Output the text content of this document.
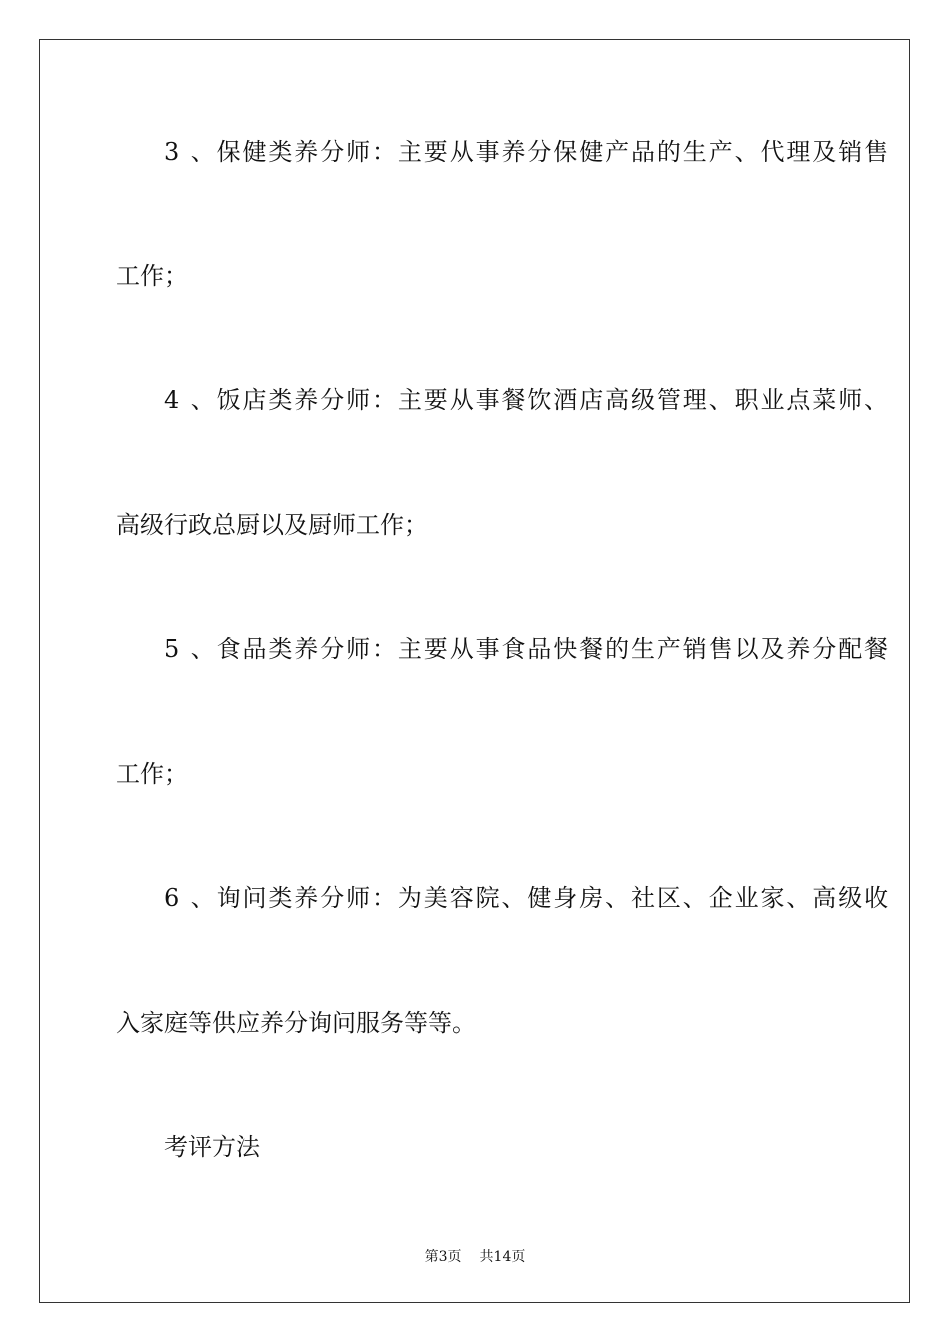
3 、保健类养分师：主要从事养分保健产品的生产、代理及销售
工作；
4 、饭店类养分师：主要从事餐饮酒店高级管理、职业点菜师、
高级行政总厨以及厨师工作；
5 、食品类养分师：主要从事食品快餐的生产销售以及养分配餐
工作；
6 、询问类养分师：为美容院、健身房、社区、企业家、高级收
入家庭等供应养分询问服务等等。
考评方法
第3页 共14页
